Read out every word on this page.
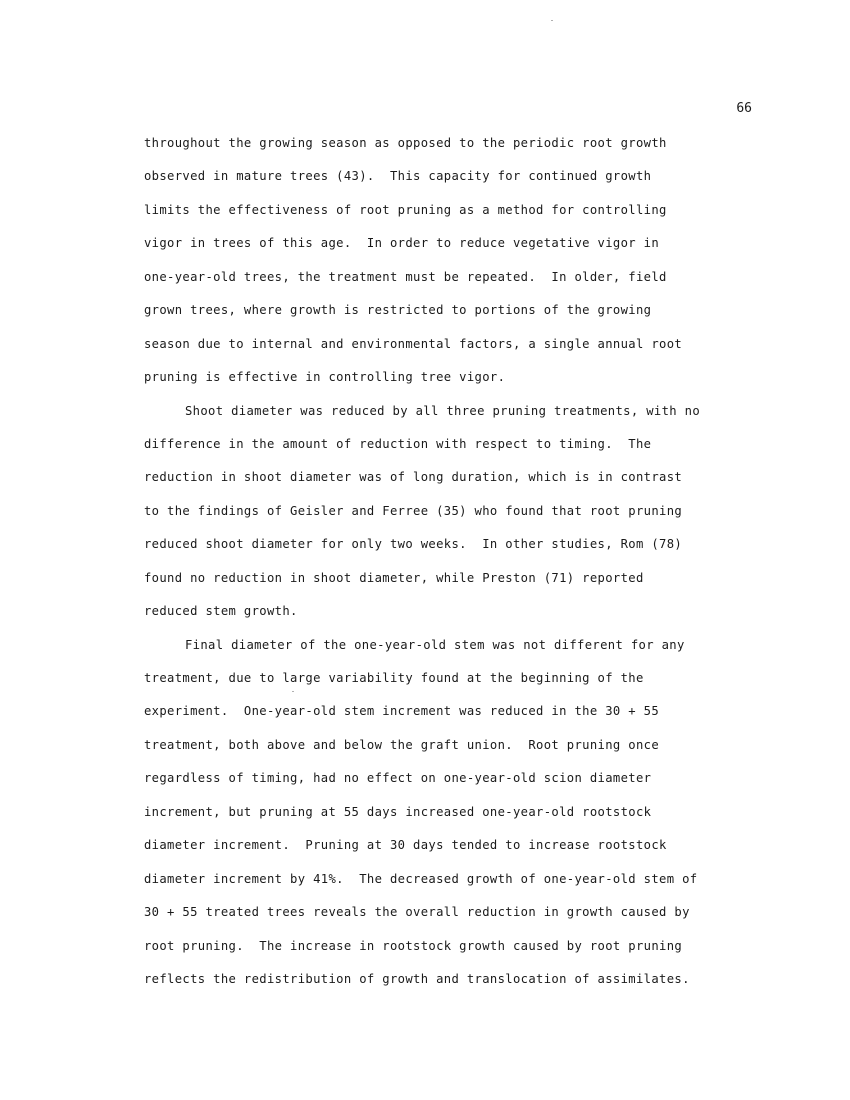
66
throughout the growing season as opposed to the periodic root growth
observed in mature trees (43).  This capacity for continued growth
limits the effectiveness of root pruning as a method for controlling
vigor in trees of this age.  In order to reduce vegetative vigor in
one-year-old trees, the treatment must be repeated.  In older, field
grown trees, where growth is restricted to portions of the growing
season due to internal and environmental factors, a single annual root
pruning is effective in controlling tree vigor.
Shoot diameter was reduced by all three pruning treatments, with no
difference in the amount of reduction with respect to timing.  The
reduction in shoot diameter was of long duration, which is in contrast
to the findings of Geisler and Ferree (35) who found that root pruning
reduced shoot diameter for only two weeks.  In other studies, Rom (78)
found no reduction in shoot diameter, while Preston (71) reported
reduced stem growth.
Final diameter of the one-year-old stem was not different for any
treatment, due to large variability found at the beginning of the
experiment.  One-year-old stem increment was reduced in the 30 + 55
treatment, both above and below the graft union.  Root pruning once
regardless of timing, had no effect on one-year-old scion diameter
increment, but pruning at 55 days increased one-year-old rootstock
diameter increment.  Pruning at 30 days tended to increase rootstock
diameter increment by 41%.  The decreased growth of one-year-old stem of
30 + 55 treated trees reveals the overall reduction in growth caused by
root pruning.  The increase in rootstock growth caused by root pruning
reflects the redistribution of growth and translocation of assimilates.
